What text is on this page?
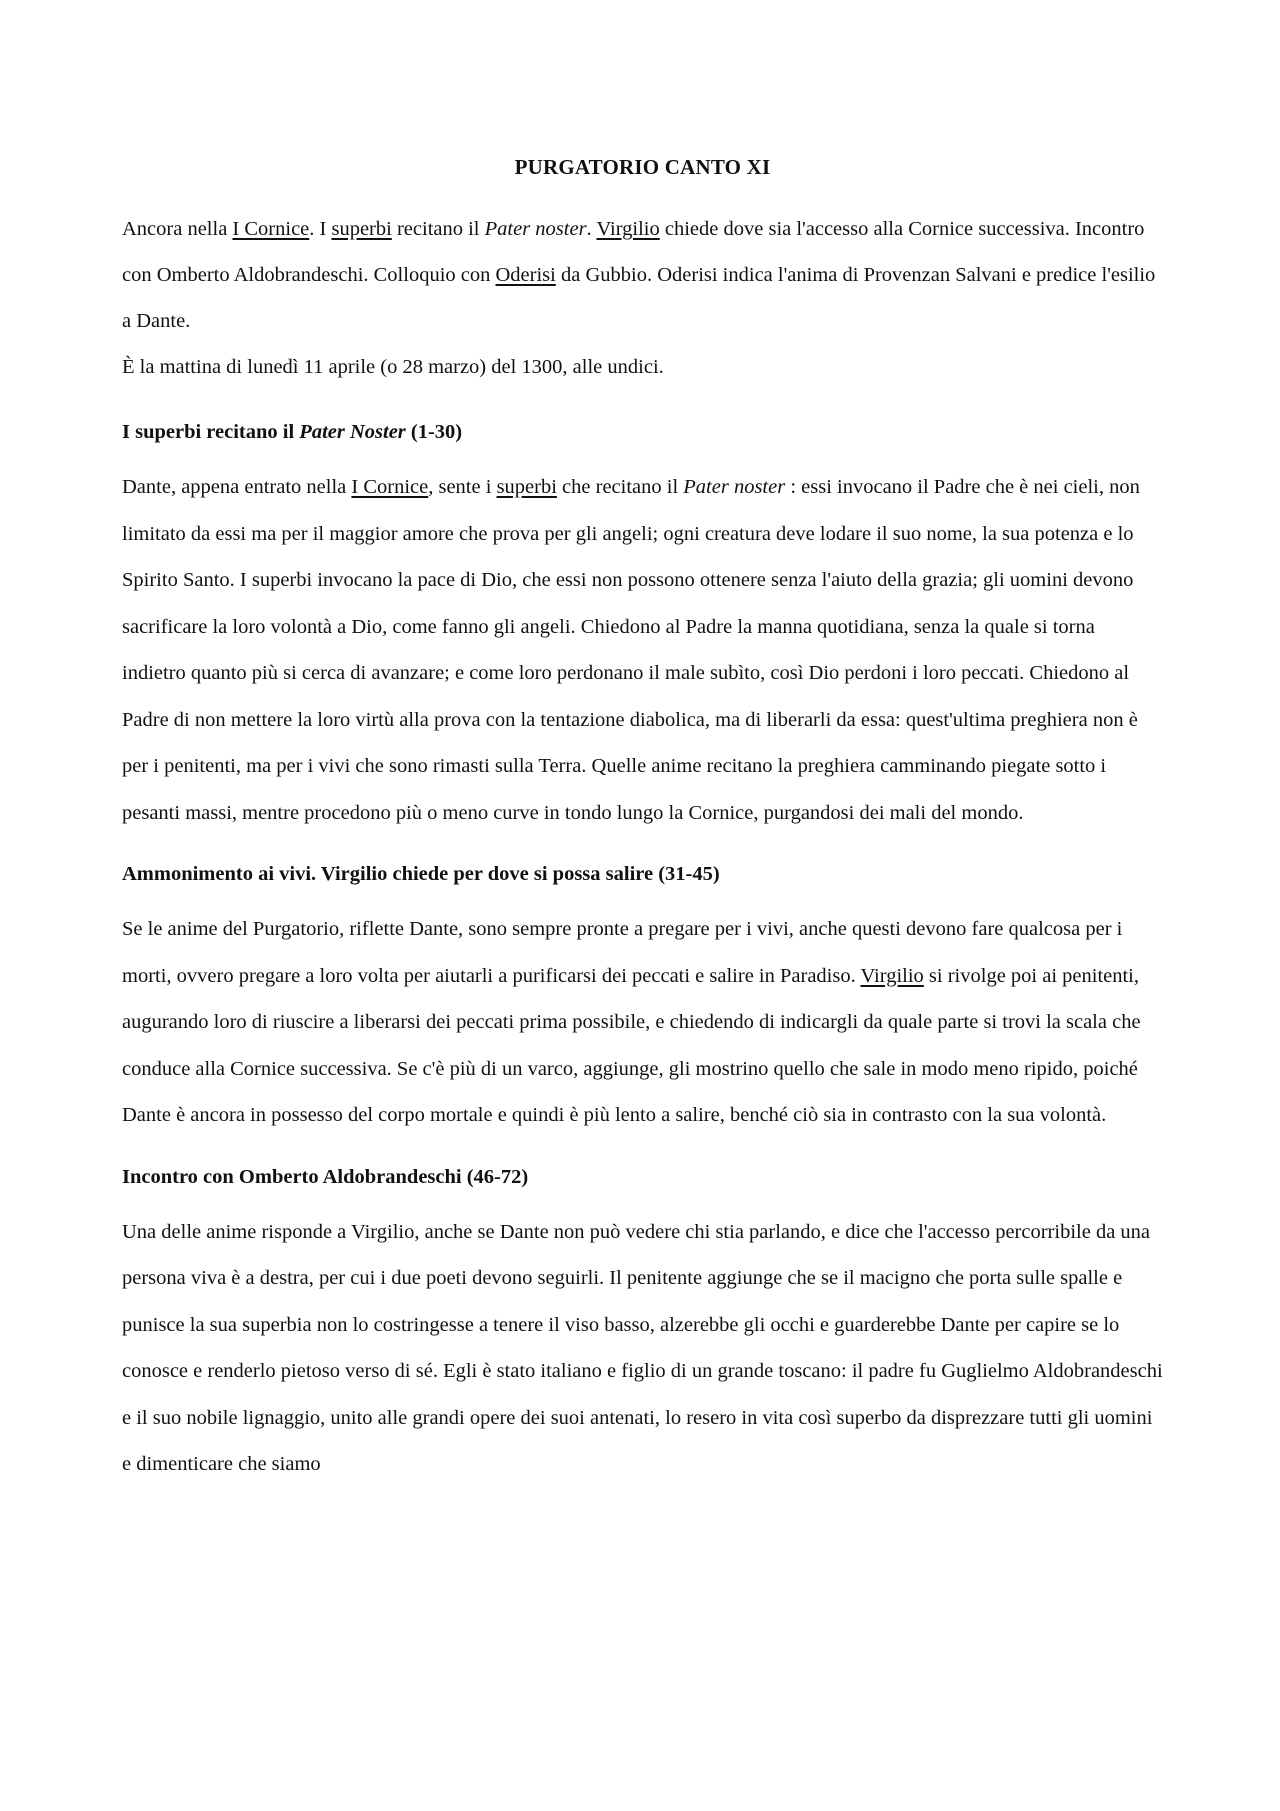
PURGATORIO CANTO XI

Ancora nella I Cornice. I superbi recitano il Pater noster. Virgilio chiede dove sia l'accesso alla Cornice successiva. Incontro con Omberto Aldobrandeschi. Colloquio con Oderisi da Gubbio. Oderisi indica l'anima di Provenzan Salvani e predice l'esilio a Dante.

È la mattina di lunedì 11 aprile (o 28 marzo) del 1300, alle undici.

I superbi recitano il Pater Noster (1-30)

Dante, appena entrato nella I Cornice, sente i superbi che recitano il Pater noster : essi invocano il Padre che è nei cieli, non limitato da essi ma per il maggior amore che prova per gli angeli; ogni creatura deve lodare il suo nome, la sua potenza e lo Spirito Santo. I superbi invocano la pace di Dio, che essi non possono ottenere senza l'aiuto della grazia; gli uomini devono sacrificare la loro volontà a Dio, come fanno gli angeli. Chiedono al Padre la manna quotidiana, senza la quale si torna indietro quanto più si cerca di avanzare; e come loro perdonano il male subìto, così Dio perdoni i loro peccati. Chiedono al Padre di non mettere la loro virtù alla prova con la tentazione diabolica, ma di liberarli da essa: quest'ultima preghiera non è per i penitenti, ma per i vivi che sono rimasti sulla Terra. Quelle anime recitano la preghiera camminando piegate sotto i pesanti massi, mentre procedono più o meno curve in tondo lungo la Cornice, purgandosi dei mali del mondo.

Ammonimento ai vivi. Virgilio chiede per dove si possa salire (31-45)

Se le anime del Purgatorio, riflette Dante, sono sempre pronte a pregare per i vivi, anche questi devono fare qualcosa per i morti, ovvero pregare a loro volta per aiutarli a purificarsi dei peccati e salire in Paradiso. Virgilio si rivolge poi ai penitenti, augurando loro di riuscire a liberarsi dei peccati prima possibile, e chiedendo di indicargli da quale parte si trovi la scala che conduce alla Cornice successiva. Se c'è più di un varco, aggiunge, gli mostrino quello che sale in modo meno ripido, poiché Dante è ancora in possesso del corpo mortale e quindi è più lento a salire, benché ciò sia in contrasto con la sua volontà.

Incontro con Omberto Aldobrandeschi (46-72)

Una delle anime risponde a Virgilio, anche se Dante non può vedere chi stia parlando, e dice che l'accesso percorribile da una persona viva è a destra, per cui i due poeti devono seguirli. Il penitente aggiunge che se il macigno che porta sulle spalle e punisce la sua superbia non lo costringesse a tenere il viso basso, alzerebbe gli occhi e guarderebbe Dante per capire se lo conosce e renderlo pietoso verso di sé. Egli è stato italiano e figlio di un grande toscano: il padre fu Guglielmo Aldobrandeschi e il suo nobile lignaggio, unito alle grandi opere dei suoi antenati, lo resero in vita così superbo da disprezzare tutti gli uomini e dimenticare che siamo
